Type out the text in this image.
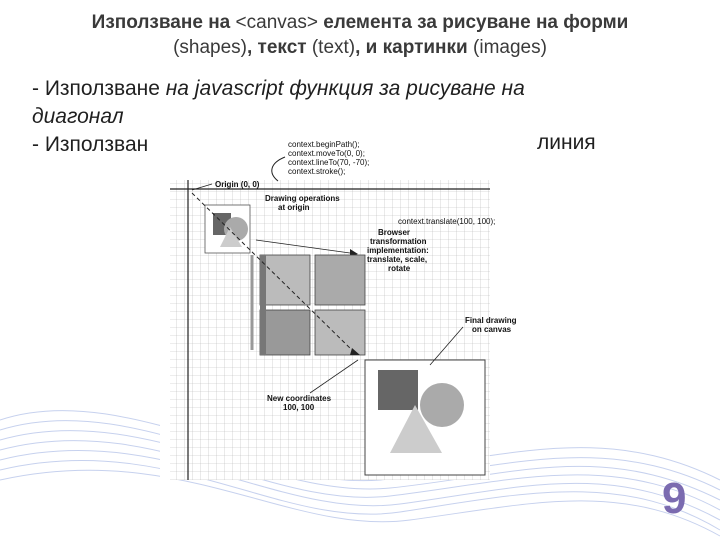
Използване на <canvas> елемента за рисуване на форми
(shapes), текст (text), и картинки (images)
- Използване на javascript функция за рисуване на
диагонал
- Използван	линия
context.beginPath();
context.moveTo(0, 0);
context.lineTo(70, -70);
context.stroke();
Origin (0, 0)
Drawing operations
at origin
context.translate(100, 100);
Browser
transformation
implementation:
translate, scale,
rotate
Final drawing
on canvas
New coordinates
100, 100
9
